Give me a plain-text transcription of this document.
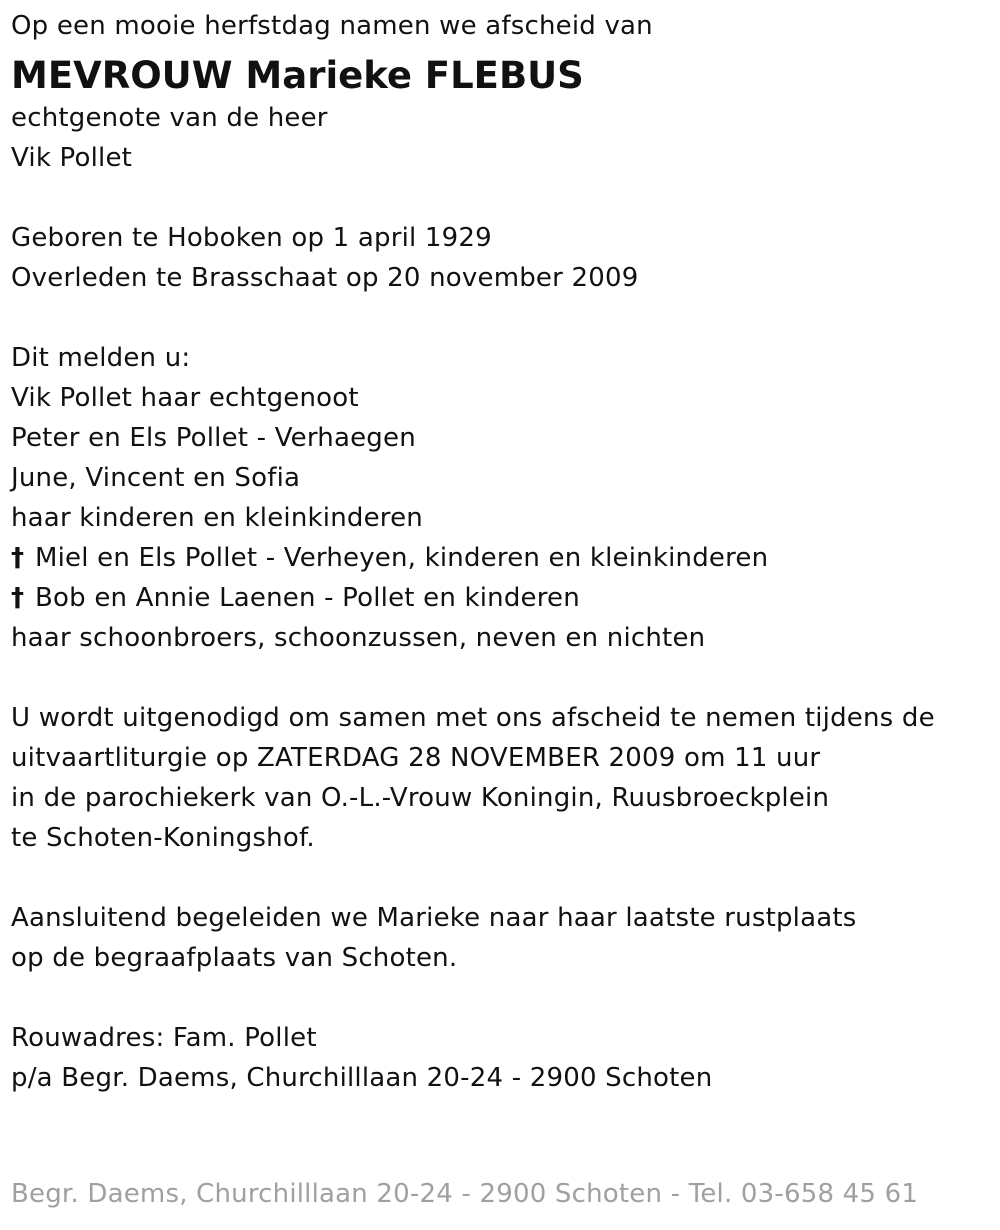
Op een mooie herfstdag namen we afscheid van
MEVROUW Marieke FLEBUS
echtgenote van de heer
Vik Pollet
Geboren te Hoboken op 1 april 1929
Overleden te Brasschaat op 20 november 2009
Dit melden u:
Vik Pollet haar echtgenoot
Peter en Els Pollet - Verhaegen
June, Vincent en Sofia
haar kinderen en kleinkinderen
† Miel en Els Pollet - Verheyen, kinderen en kleinkinderen
† Bob en Annie Laenen - Pollet en kinderen
haar schoonbroers, schoonzussen, neven en nichten
U wordt uitgenodigd om samen met ons afscheid te nemen tijdens de
uitvaartliturgie op ZATERDAG 28 NOVEMBER 2009 om 11 uur
in de parochiekerk van O.-L.-Vrouw Koningin, Ruusbroeckplein
te Schoten-Koningshof.
Aansluitend begeleiden we Marieke naar haar laatste rustplaats
op de begraafplaats van Schoten.
Rouwadres: Fam. Pollet
p/a Begr. Daems, Churchilllaan 20-24 - 2900 Schoten
Begr. Daems, Churchilllaan 20-24 - 2900 Schoten - Tel. 03-658 45 61
